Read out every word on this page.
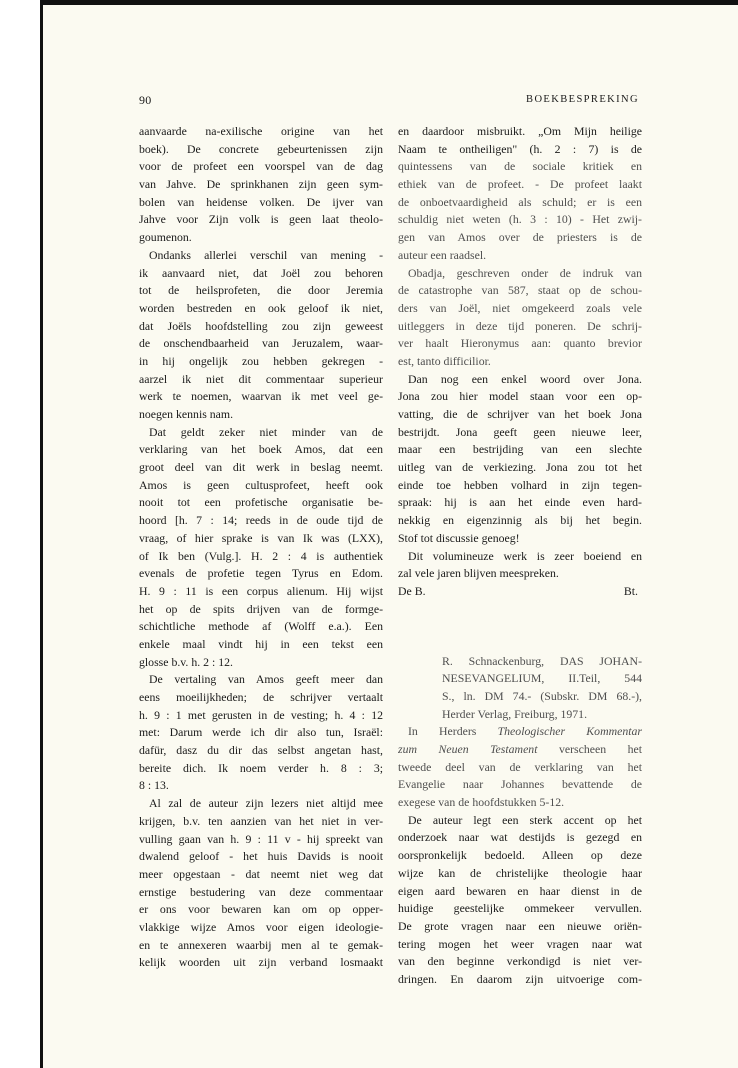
90	BOEKBESPREKING
aanvaarde na-exilische origine van het
boek). De concrete gebeurtenissen zijn
voor de profeet een voorspel van de dag
van Jahve. De sprinkhanen zijn geen sym-
bolen van heidense volken. De ijver van
Jahve voor Zijn volk is geen laat theolo-
goumenon.
Ondanks allerlei verschil van mening -
ik aanvaard niet, dat Joël zou behoren
tot de heilsprofeten, die door Jeremia
worden bestreden en ook geloof ik niet,
dat Joëls hoofdstelling zou zijn geweest
de onschendbaarheid van Jeruzalem, waar-
in hij ongelijk zou hebben gekregen -
aarzel ik niet dit commentaar superieur
werk te noemen, waarvan ik met veel ge-
noegen kennis nam.
Dat geldt zeker niet minder van de
verklaring van het boek Amos, dat een
groot deel van dit werk in beslag neemt.
Amos is geen cultusprofeet, heeft ook
nooit tot een profetische organisatie be-
hoord [h. 7 : 14; reeds in de oude tijd de
vraag, of hier sprake is van Ik was (LXX),
of Ik ben (Vulg.]. H. 2 : 4 is authentiek
evenals de profetie tegen Tyrus en Edom.
H. 9 : 11 is een corpus alienum. Hij wijst
het op de spits drijven van de formge-
schichtliche methode af (Wolff e.a.). Een
enkele maal vindt hij in een tekst een
glosse b.v. h. 2 : 12.
De vertaling van Amos geeft meer dan
eens moeilijkheden; de schrijver vertaalt
h. 9 : 1 met gerusten in de vesting; h. 4 : 12
met: Darum werde ich dir also tun, Israël:
dafür, dasz du dir das selbst angetan hast,
bereite dich. Ik noem verder h. 8 : 3;
8 : 13.
Al zal de auteur zijn lezers niet altijd mee
krijgen, b.v. ten aanzien van het niet in ver-
vulling gaan van h. 9 : 11 v - hij spreekt van
dwalend geloof - het huis Davids is nooit
meer opgestaan - dat neemt niet weg dat
ernstige bestudering van deze commentaar
er ons voor bewaren kan om op opper-
vlakkige wijze Amos voor eigen ideologie-
en te annexeren waarbij men al te gemak-
kelijk woorden uit zijn verband losmaakt
en daardoor misbruikt. „Om Mijn heilige
Naam te ontheiligen" (h. 2 : 7) is de
quintessens van de sociale kritiek en
ethiek van de profeet. - De profeet laakt
de onboetvaardigheid als schuld; er is een
schuldig niet weten (h. 3 : 10) - Het zwij-
gen van Amos over de priesters is de
auteur een raadsel.
Obadja, geschreven onder de indruk van
de catastrophe van 587, staat op de schou-
ders van Joël, niet omgekeerd zoals vele
uitleggers in deze tijd poneren. De schrij-
ver haalt Hieronymus aan: quanto brevior
est, tanto difficilior.
Dan nog een enkel woord over Jona.
Jona zou hier model staan voor een op-
vatting, die de schrijver van het boek Jona
bestrijdt. Jona geeft geen nieuwe leer,
maar een bestrijding van een slechte
uitleg van de verkiezing. Jona zou tot het
einde toe hebben volhard in zijn tegen-
spraak: hij is aan het einde even hard-
nekkig en eigenzinnig als bij het begin.
Stof tot discussie genoeg!
Dit volumineuze werk is zeer boeiend en
zal vele jaren blijven meespreken.
De B.	Bt.
R. Schnackenburg, DAS JOHAN-
NESEVANGELIUM, II.Teil, 544
S., ln. DM 74.- (Subskr. DM 68.-),
Herder Verlag, Freiburg, 1971.
In Herders Theologischer Kommentar
zum Neuen Testament verscheen het
tweede deel van de verklaring van het
Evangelie naar Johannes bevattende de
exegese van de hoofdstukken 5-12.
De auteur legt een sterk accent op het
onderzoek naar wat destijds is gezegd en
oorspronkelijk bedoeld. Alleen op deze
wijze kan de christelijke theologie haar
eigen aard bewaren en haar dienst in de
huidige geestelijke ommekeer vervullen.
De grote vragen naar een nieuwe oriën-
tering mogen het weer vragen naar wat
van den beginne verkondigd is niet ver-
dringen. En daarom zijn uitvoerige com-
